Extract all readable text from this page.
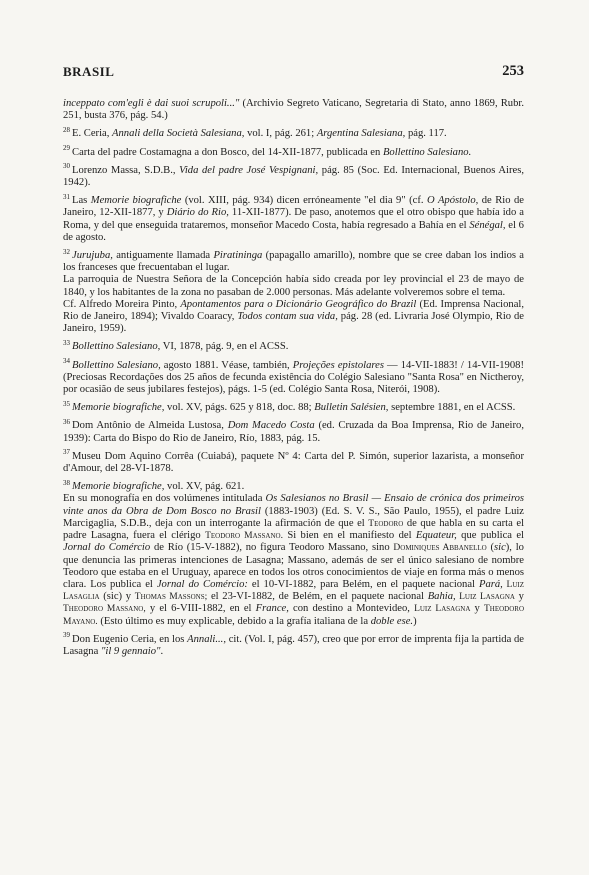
BRASIL	253

inceppato com'egli è dai suoi scrupoli..." (Archivio Segreto Vaticano, Segretaria di Stato, anno 1869, Rubr. 251, busta 376, pág. 54.)

$^{28}$ E. Ceria, Annali della Società Salesiana, vol. I, pág. 261; Argentina Salesiana, pág. 117.

$^{29}$ Carta del padre Costamagna a don Bosco, del 14-XII-1877, publicada en Bollettino Salesiano.

$^{30}$ Lorenzo Massa, S.D.B., Vida del padre José Vespignani, pág. 85 (Soc. Ed. Internacional, Buenos Aires, 1942).

$^{31}$ Las Memorie biografiche (vol. XIII, pág. 934) dicen erróneamente "el dia 9" (cf. O Apóstolo, de Rio de Janeiro, 12-XII-1877, y Diário do Rio, 11-XII-1877). De paso, anotemos que el otro obispo que había ido a Roma, y del que enseguida trataremos, monseñor Macedo Costa, había regresado a Bahía en el Sénégal, el 6 de agosto.

$^{32}$ Jurujuba, antiguamente llamada Piratininga (papagallo amarillo), nombre que se cree daban los indios a los franceses que frecuentaban el lugar.

La parroquia de Nuestra Señora de la Concepción había sido creada por ley provincial el 23 de mayo de 1840, y los habitantes de la zona no pasaban de 2.000 personas. Más adelante volveremos sobre el tema.

Cf. Alfredo Moreira Pinto, Apontamentos para o Dicionário Geográfico do Brazil (Ed. Imprensa Nacional, Rio de Janeiro, 1894); Vivaldo Coaracy, Todos contam sua vida, pág. 28 (ed. Livraria José Olympio, Rio de Janeiro, 1959).

$^{33}$ Bollettino Salesiano, VI, 1878, pág. 9, en el ACSS.

$^{34}$ Bollettino Salesiano, agosto 1881. Véase, también, Projeções epistolares — 14-VII-1883! / 14-VII-1908! (Preciosas Recordações dos 25 años de fecunda existência do Colégio Salesiano "Santa Rosa" en Nictheroy, por ocasião de seus jubilares festejos), págs. 1-5 (ed. Colégio Santa Rosa, Niterói, 1908).

$^{35}$ Memorie biografiche, vol. XV, págs. 625 y 818, doc. 88; Bulletin Salésien, septembre 1881, en el ACSS.

$^{36}$ Dom Antônio de Almeida Lustosa, Dom Macedo Costa (ed. Cruzada da Boa Imprensa, Rio de Janeiro, 1939): Carta do Bispo do Rio de Janeiro, Río, 1883, pág. 15.

$^{37}$ Museu Dom Aquino Corrêa (Cuiabá), paquete Nº 4: Carta del P. Simón, superior lazarista, a monseñor d'Amour, del 28-VI-1878.

$^{38}$ Memorie biografiche, vol. XV, pág. 621.

En su monografía en dos volúmenes intitulada Os Salesianos no Brasil — Ensaio de crónica dos primeiros vinte anos da Obra de Dom Bosco no Brasil (1883-1903) (Ed. S. V. S., São Paulo, 1955), el padre Luiz Marcigaglia, S.D.B., deja con un interrogante la afirmación de que el Teodoro de que habla en su carta el padre Lasagna, fuera el clérigo Teodoro Massano. Si bien en el manifiesto del Equateur, que publica el Jornal do Comércio de Río (15-V-1882), no figura Teodoro Massano, sino Dominiques Abbanello (sic), lo que denuncia las primeras intenciones de Lasagna; Massano, además de ser el único salesiano de nombre Teodoro que estaba en el Uruguay, aparece en todos los otros conocimientos de viaje en forma más o menos clara. Los publica el Jornal do Comércio: el 10-VI-1882, para Belém, en el paquete nacional Pará, Luiz Lasaglia (sic) y Thomas Massons; el 23-VI-1882, de Belém, en el paquete nacional Bahia, Luiz Lasagna y Theodoro Massano, y el 6-VIII-1882, en el France, con destino a Montevideo, Luiz Lasagna y Theodoro Mayano. (Esto último es muy explicable, debido a la grafía italiana de la doble ese.)

$^{39}$ Don Eugenio Ceria, en los Annali..., cit. (Vol. I, pág. 457), creo que por error de imprenta fija la partida de Lasagna "il 9 gennaio".
